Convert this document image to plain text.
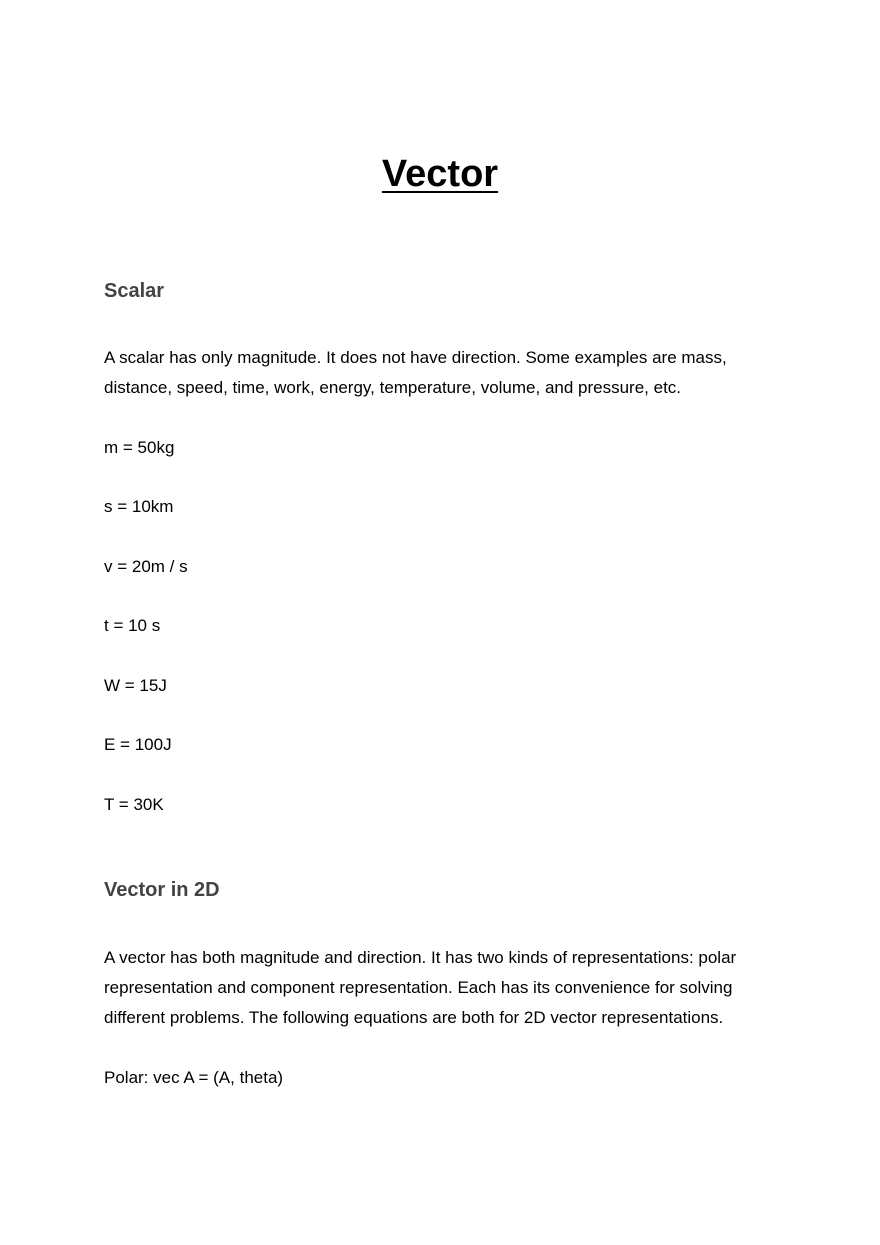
Vector
Scalar

A scalar has only magnitude. It does not have direction. Some examples are mass, distance, speed, time, work, energy, temperature, volume, and pressure, etc.

m = 50kg

s = 10km

v = 20m / s

t = 10 s

W = 15J

E = 100J

T = 30K

Vector in 2D

A vector has both magnitude and direction. It has two kinds of representations: polar representation and component representation. Each has its convenience for solving different problems. The following equations are both for 2D vector representations.

Polar: vec A = (A, theta)
